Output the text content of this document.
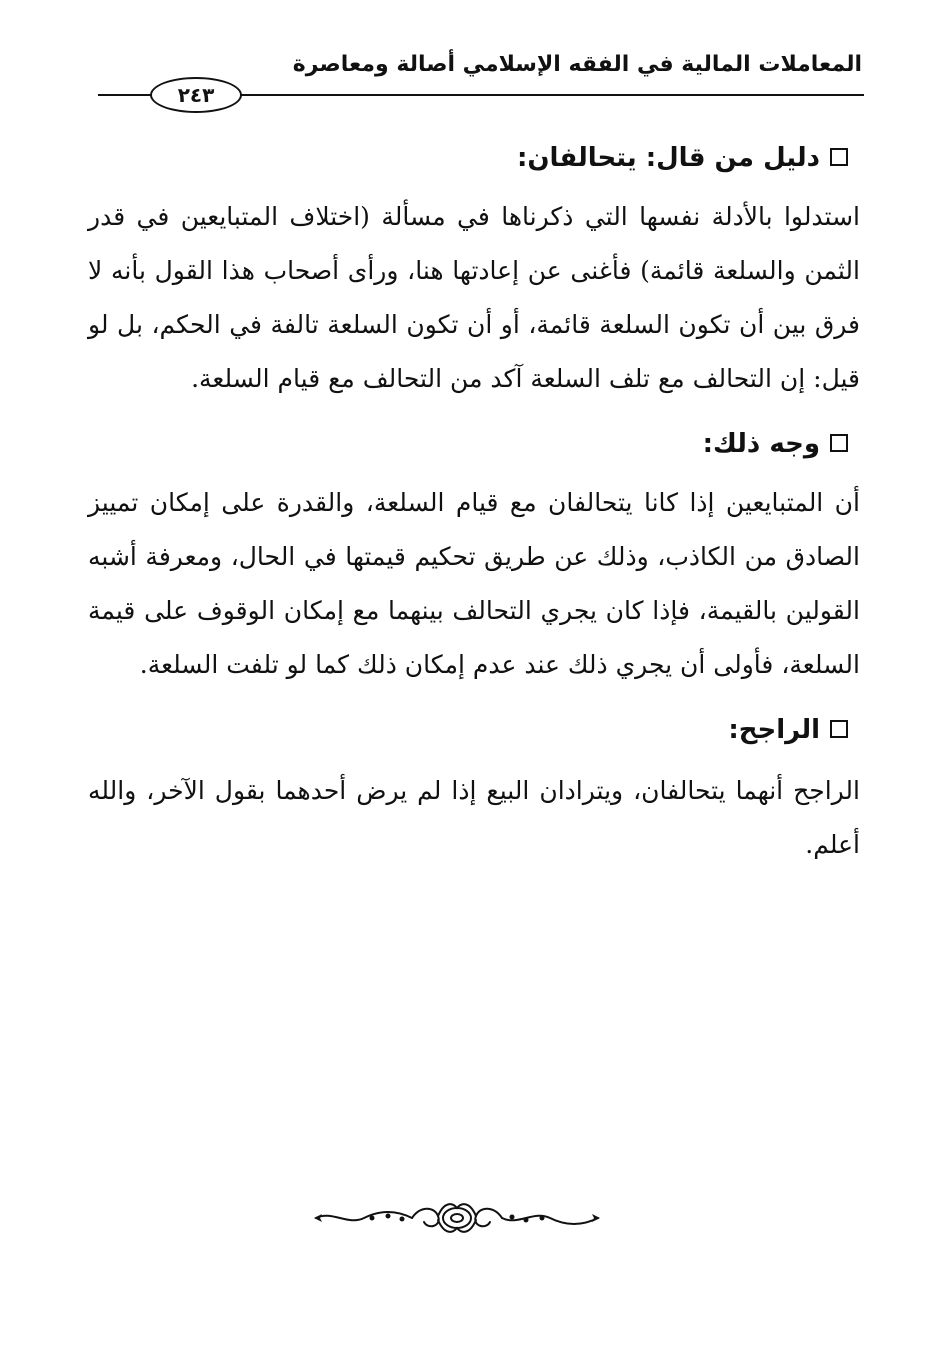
المعاملات المالية في الفقه الإسلامي أصالة ومعاصرة
٢٤٣
دليل من قال: يتحالفان:

استدلوا بالأدلة نفسها التي ذكرناها في مسألة (اختلاف المتبايعين في قدر الثمن والسلعة قائمة) فأغنى عن إعادتها هنا، ورأى أصحاب هذا القول بأنه لا فرق بين أن تكون السلعة قائمة، أو أن تكون السلعة تالفة في الحكم، بل لو قيل: إن التحالف مع تلف السلعة آكد من التحالف مع قيام السلعة.

وجه ذلك:

أن المتبايعين إذا كانا يتحالفان مع قيام السلعة، والقدرة على إمكان تمييز الصادق من الكاذب، وذلك عن طريق تحكيم قيمتها في الحال، ومعرفة أشبه القولين بالقيمة، فإذا كان يجري التحالف بينهما مع إمكان الوقوف على قيمة السلعة، فأولى أن يجري ذلك عند عدم إمكان ذلك كما لو تلفت السلعة.

الراجح:

الراجح أنهما يتحالفان، ويترادان البيع إذا لم يرض أحدهما بقول الآخر، والله أعلم.
